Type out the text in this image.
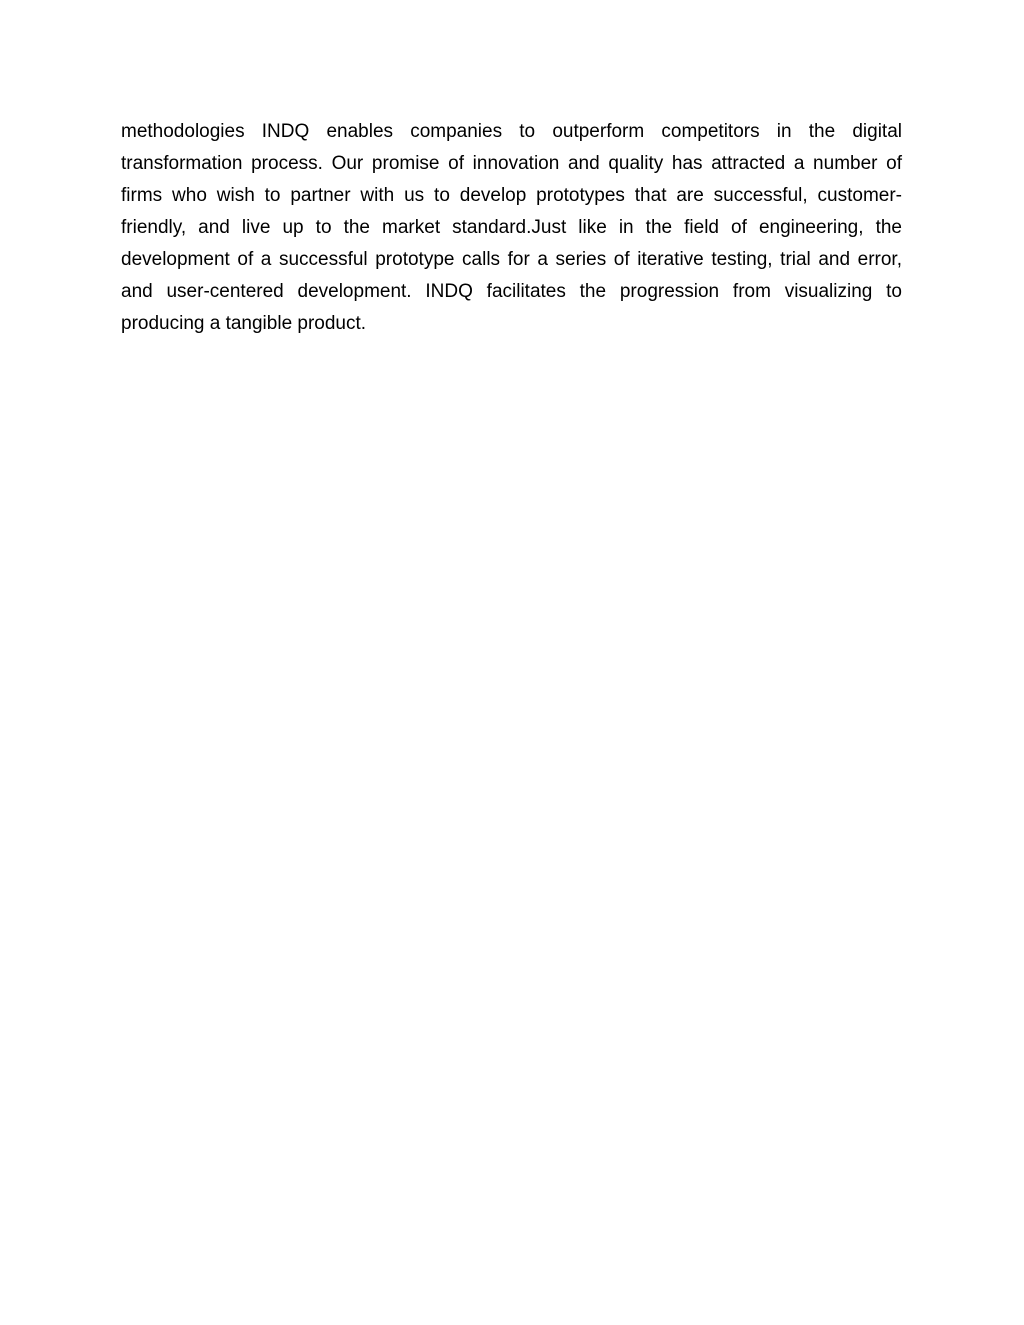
methodologies INDQ enables companies to outperform competitors in the digital transformation process. Our promise of innovation and quality has attracted a number of firms who wish to partner with us to develop prototypes that are successful, customer-friendly, and live up to the market standard.Just like in the field of engineering, the development of a successful prototype calls for a series of iterative testing, trial and error, and user-centered development. INDQ facilitates the progression from visualizing to producing a tangible product.
